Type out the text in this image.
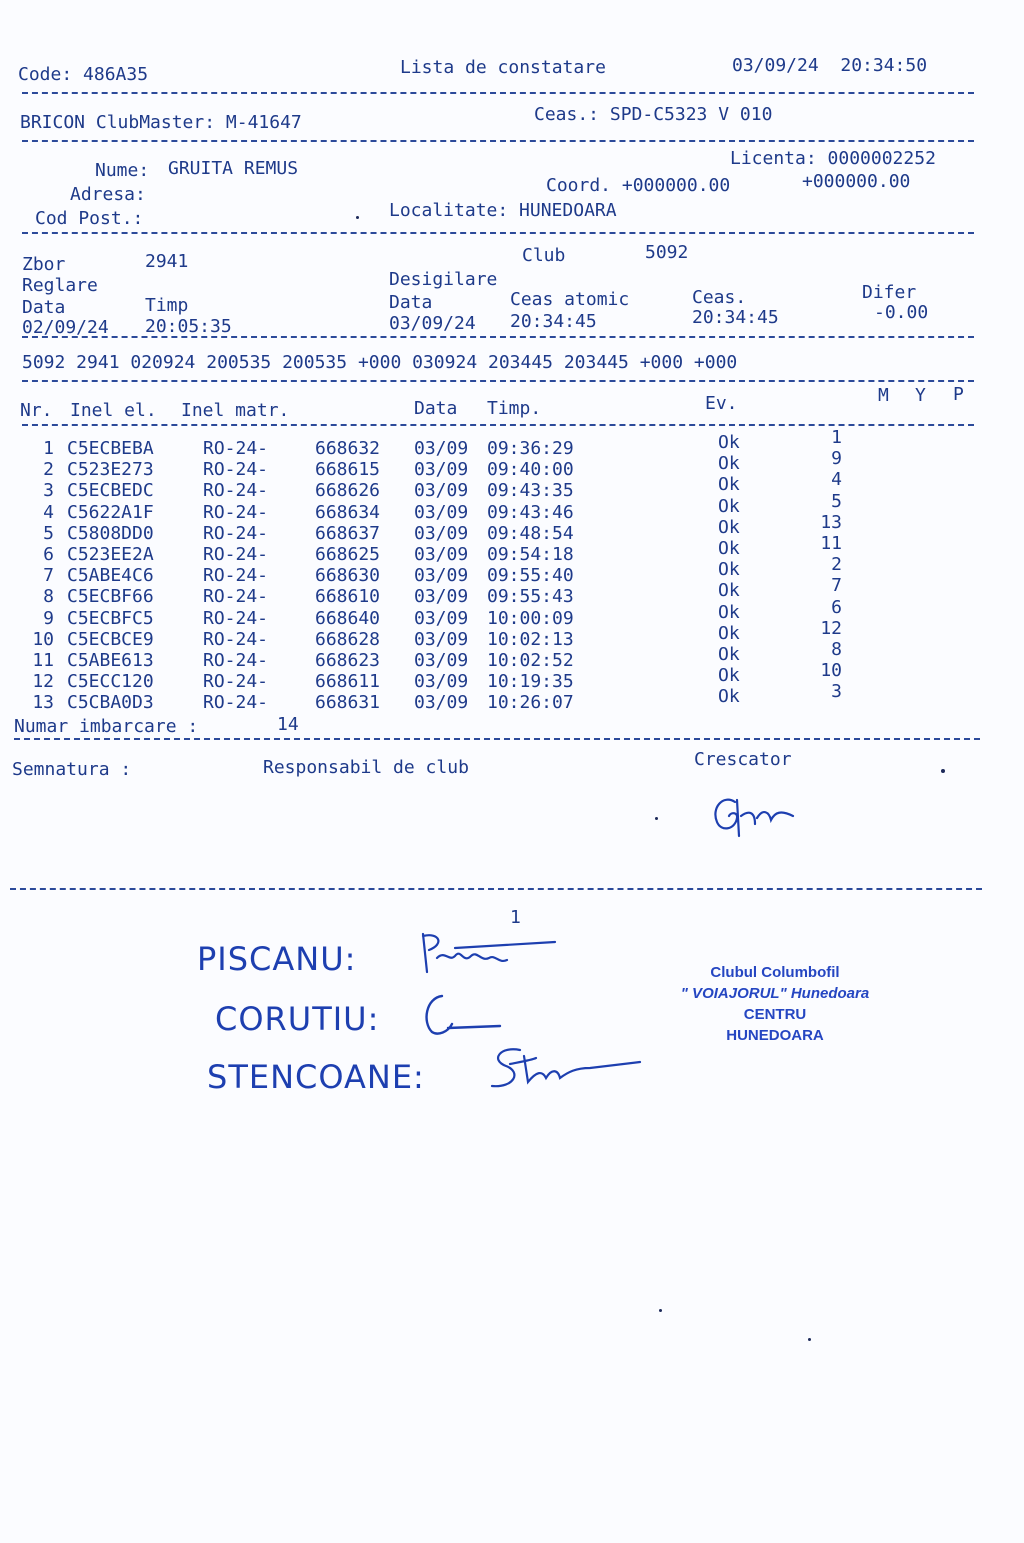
Code: 486A35	Lista de constatare	03/09/24  20:34:50
BRICON ClubMaster: M-41647	Ceas.: SPD-C5323 V 010
Nume: GRUITA REMUS	Licenta: 0000002252
Adresa:	Coord. +000000.00	+000000.00
Cod Post.:	Localitate: HUNEDOARA
Zbor	2941	Club	5092
Reglare	Desigilare
Data	Timp	Data	Ceas atomic	Ceas.	Difer
02/09/24 20:05:35	03/09/24 20:34:45	20:34:45	-0.00
5092 2941 020924 200535 200535 +000 030924 203445 203445 +000 +000
Nr. Inel el. Inel matr.	Data Timp.	Ev.	M Y P
1 C5ECBEBA	RO-24-	668632 03/09 09:36:29	Ok	1
2 C523E273	RO-24-	668615 03/09 09:40:00	Ok	9
3 C5ECBEDC	RO-24-	668626 03/09 09:43:35	Ok	4
4 C5622A1F	RO-24-	668634 03/09 09:43:46	Ok	5
5 C5808DD0	RO-24-	668637 03/09 09:48:54	Ok	13
6 C523EE2A	RO-24-	668625 03/09 09:54:18	Ok	11
7 C5ABE4C6	RO-24-	668630 03/09 09:55:40	Ok	2
8 C5ECBF66	RO-24-	668610 03/09 09:55:43	Ok	7
9 C5ECBFC5	RO-24-	668640 03/09 10:00:09	Ok	6
10 C5ECBCE9	RO-24-	668628 03/09 10:02:13	Ok	12
11 C5ABE613	RO-24-	668623 03/09 10:02:52	Ok	8
12 C5ECC120	RO-24-	668611 03/09 10:19:35	Ok	10
13 C5CBA0D3	RO-24-	668631 03/09 10:26:07	Ok	3
Numar imbarcare :	14
Semnatura :	Responsabil de club	Crescator
1
PISCANU:
CORUTIU:
STENCOANE:
Clubul Columbofil
" VOIAJORUL" Hunedoara
CENTRU
HUNEDOARA
